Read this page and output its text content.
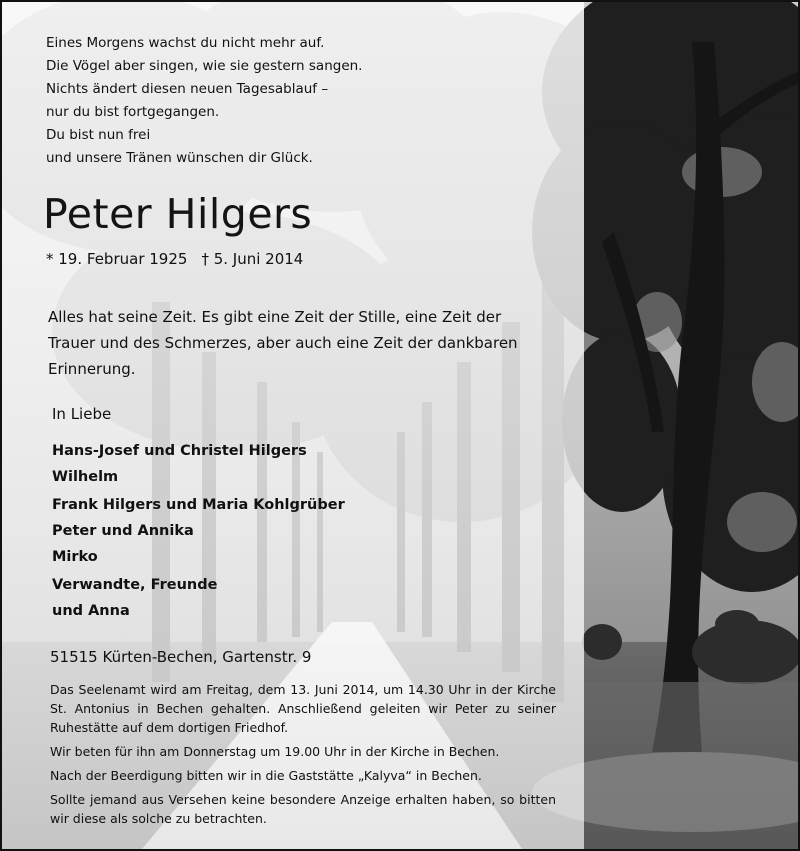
Eines Morgens wachst du nicht mehr auf.
Die Vögel aber singen, wie sie gestern sangen.
Nichts ändert diesen neuen Tagesablauf –
nur du bist fortgegangen.
Du bist nun frei
und unsere Tränen wünschen dir Glück.
Peter Hilgers
* 19. Februar 1925 † 5. Juni 2014
Alles hat seine Zeit. Es gibt eine Zeit der Stille, eine Zeit der
Trauer und des Schmerzes, aber auch eine Zeit der dankbaren
Erinnerung.
In Liebe
Hans-Josef und Christel Hilgers
Wilhelm
Frank Hilgers und Maria Kohlgrüber
Peter und Annika
Mirko
Verwandte, Freunde
und Anna
51515 Kürten-Bechen, Gartenstr. 9

Das Seelenamt wird am Freitag, dem 13. Juni 2014, um 14.30 Uhr in der Kirche St. Antonius in Bechen gehalten. Anschließend geleiten wir Peter zu seiner Ruhestätte auf dem dortigen Friedhof.

Wir beten für ihn am Donnerstag um 19.00 Uhr in der Kirche in Bechen.

Nach der Beerdigung bitten wir in die Gaststätte „Kalyva“ in Bechen.

Sollte jemand aus Versehen keine besondere Anzeige erhalten haben, so bitten wir diese als solche zu betrachten.
